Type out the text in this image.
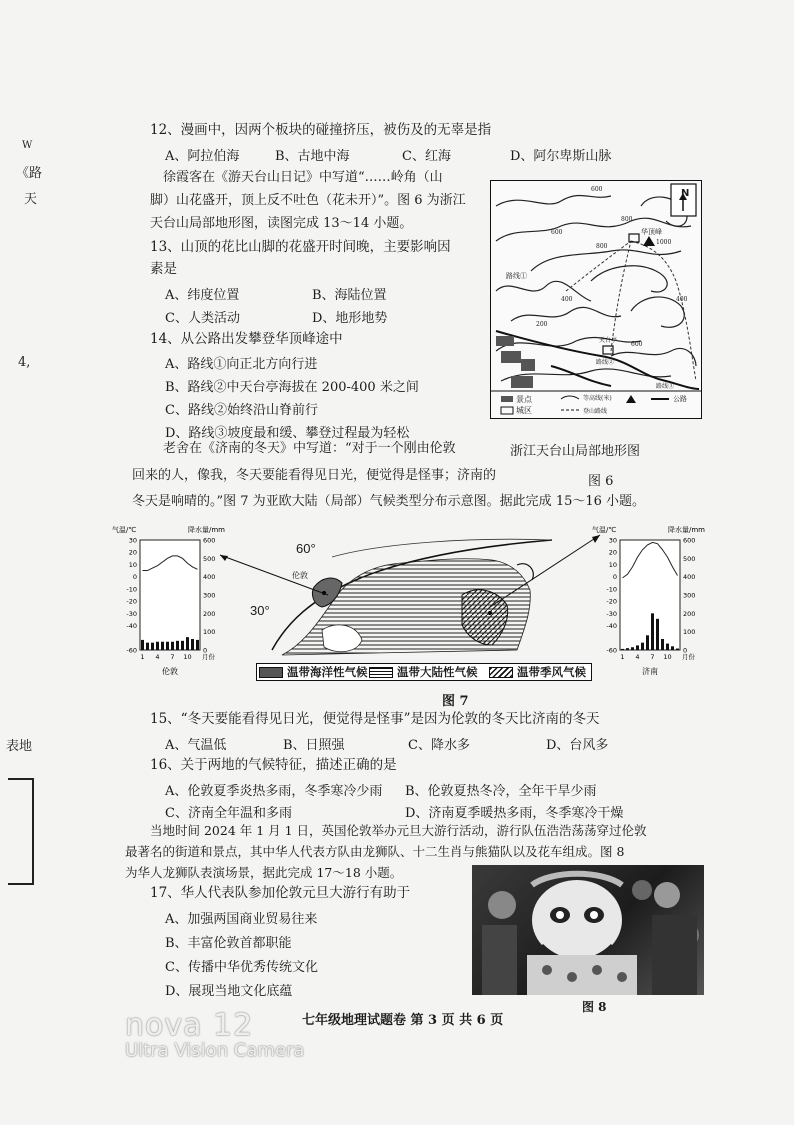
W
《路
天
4,
表地
12、漫画中，因两个板块的碰撞挤压，被伤及的无辜是指
A、阿拉伯海	B、古地中海	C、红海	D、阿尔卑斯山脉
徐霞客在《游天台山日记》中写道“……岭角（山
脚）山花盛开，顶上反不吐色（花未开）”。图 6 为浙江
天台山局部地形图，读图完成 13～14 小题。
13、山顶的花比山脚的花盛开时间晚，主要影响因
素是
A、纬度位置	B、海陆位置
C、人类活动	D、地形地势
14、从公路出发攀登华顶峰途中
A、路线①向正北方向行进
B、路线②中天台亭海拔在 200-400 米之间
C、路线②始终沿山脊前行
D、路线③坡度最和缓、攀登过程最为轻松
N
600
800
1000
800
600
400
600
400
200
华顶峰
天台亭
路线①
路线②
路线③
景点	等高线(米)	公路
城区	登山路线
浙江天台山局部地形图
图 6
老舍在《济南的冬天》中写道：“对于一个刚由伦敦
回来的人，像我，冬天要能看得见日光，便觉得是怪事；济南的
冬天是响晴的。”图 7 为亚欧大陆（局部）气候类型分布示意图。据此完成 15～16 小题。
气温/℃	降水量/mm
30
20
10
0
-10
-20
-30
-40
-60
600
500
400
300
200
100
0
1 4 7 10 月份
伦敦
气温/℃	降水量/mm
30
20
10
0
-10
-20
-30
-40
-60
600
500
400
300
200
100
0
1 4 7 10 月份
济南
60°
30°
伦敦
温带海洋性气候	温带大陆性气候	温带季风气候
图 7
15、“冬天要能看得见日光，便觉得是怪事”是因为伦敦的冬天比济南的冬天
A、气温低	B、日照强	C、降水多	D、台风多
16、关于两地的气候特征，描述正确的是
A、伦敦夏季炎热多雨，冬季寒冷少雨 B、伦敦夏热冬冷，全年干旱少雨
C、济南全年温和多雨	D、济南夏季暖热多雨，冬季寒冷干燥
当地时间 2024 年 1 月 1 日，英国伦敦举办元旦大游行活动，游行队伍浩浩荡荡穿过伦敦
最著名的街道和景点，其中华人代表方队由龙狮队、十二生肖与熊猫队以及花车组成。图 8
为华人龙狮队表演场景，据此完成 17～18 小题。
17、华人代表队参加伦敦元旦大游行有助于
A、加强两国商业贸易往来
B、丰富伦敦首都职能
C、传播中华优秀传统文化
D、展现当地文化底蕴
图 8
七年级地理试题卷 第 3 页 共 6 页
nova 12
Ultra Vision Camera
